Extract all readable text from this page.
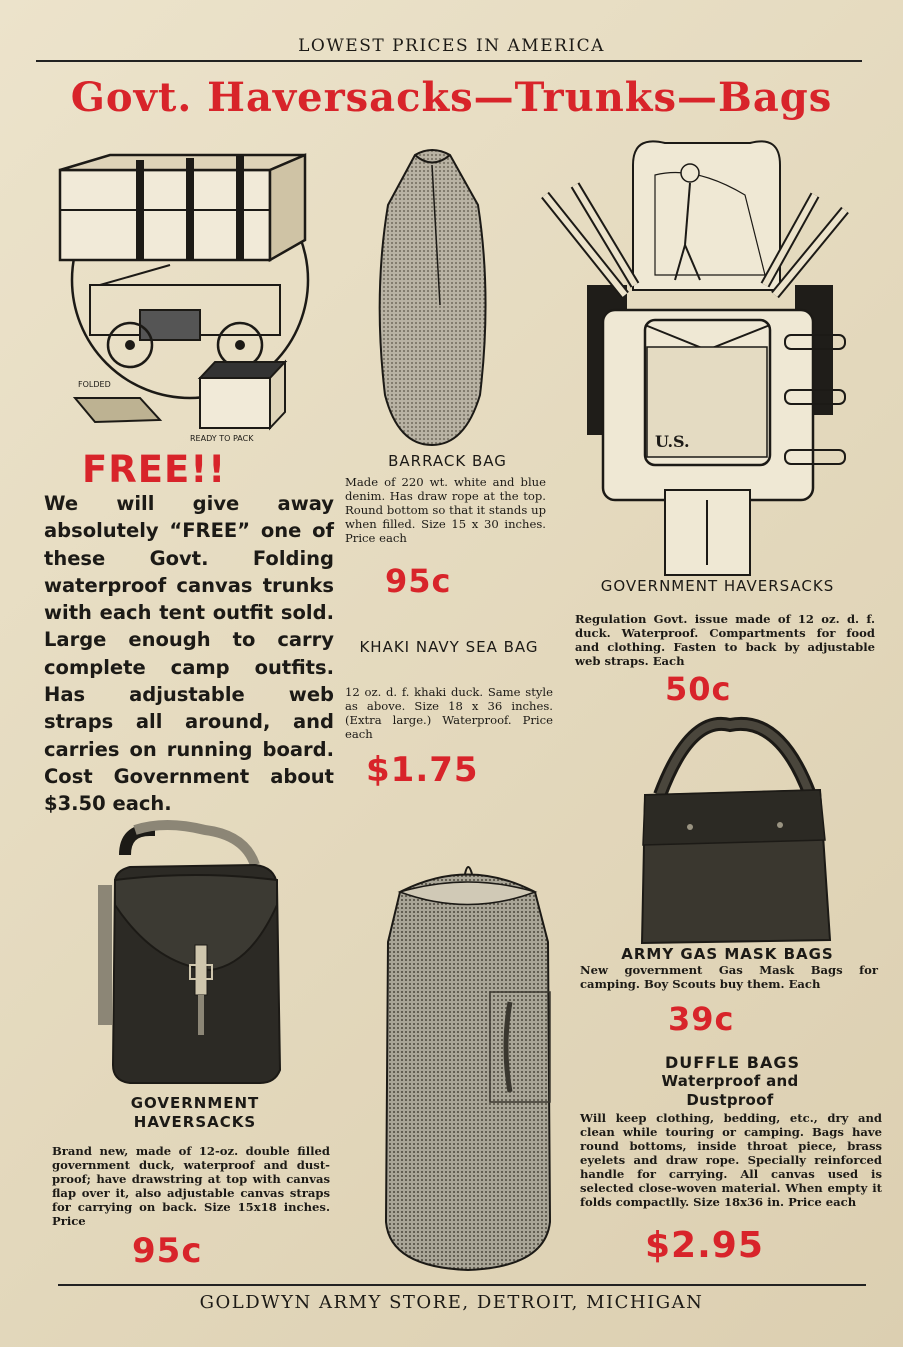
LOWEST PRICES IN AMERICA
Govt. Haversacks—Trunks—Bags
FOLDED
READY TO PACK
FREE!!
We will give away absolutely “FREE” one of these Govt. Folding waterproof canvas trunks with each tent outfit sold. Large enough to carry complete camp outfits. Has adjustable web straps all around, and carries on running board. Cost Government about $3.50 each.
BARRACK BAG
Made of 220 wt. white and blue denim. Has draw rope at the top. Round bottom so that it stands up when filled. Size 15 x 30 inches. Price each
95c
KHAKI NAVY SEA BAG
12 oz. d. f. khaki duck. Same style as above. Size 18 x 36 inches. (Extra large.) Waterproof. Price each
$1.75
U.S.
GOVERNMENT HAVERSACKS
Regulation Govt. issue made of 12 oz. d. f. duck. Waterproof. Compartments for food and clothing. Fasten to back by adjustable web straps. Each
50c
ARMY GAS MASK BAGS
New government Gas Mask Bags for camping. Boy Scouts buy them. Each
39c
DUFFLE BAGS
Waterproof and Dustproof
Will keep clothing, bedding, etc., dry and clean while touring or camping. Bags have round bottoms, inside throat piece, brass eyelets and draw rope. Specially reinforced handle for carrying. All canvas used is selected close-woven material. When empty it folds compactlly. Size 18x36 in. Price each
$2.95
GOVERNMENT HAVERSACKS
Brand new, made of 12-oz. double filled government duck, waterproof and dust-proof; have drawstring at top with canvas flap over it, also adjustable canvas straps for carrying on back. Size 15x18 inches. Price
95c
GOLDWYN ARMY STORE, DETROIT, MICHIGAN
